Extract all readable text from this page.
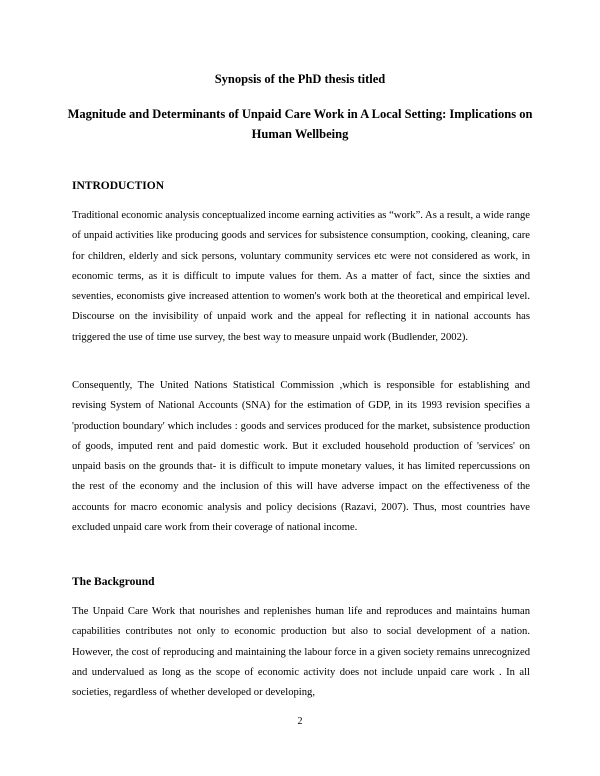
Synopsis of the PhD thesis titled
Magnitude and Determinants of Unpaid Care Work in A Local Setting: Implications on Human Wellbeing
INTRODUCTION

Traditional economic analysis conceptualized income earning activities as “work”. As a result, a wide range of unpaid activities like producing goods and services for subsistence consumption, cooking, cleaning, care for children, elderly and sick persons, voluntary community services etc were not considered as work, in economic terms, as it is difficult to impute values for them. As a matter of fact, since the sixties and seventies, economists give increased attention to women's work both at the theoretical and empirical level. Discourse on the invisibility of unpaid work and the appeal for reflecting it in national accounts has triggered the use of time use survey, the best way to measure unpaid work (Budlender, 2002).

Consequently, The United Nations Statistical Commission ,which is responsible for establishing and revising System of National Accounts (SNA) for the estimation of GDP, in its 1993 revision specifies a 'production boundary' which includes : goods and services produced for the market, subsistence production of goods, imputed rent and paid domestic work. But it excluded household production of 'services' on unpaid basis on the grounds that- it is difficult to impute monetary values, it has limited repercussions on the rest of the economy and the inclusion of this will have adverse impact on the effectiveness of the accounts for macro economic analysis and policy decisions (Razavi, 2007). Thus, most countries have excluded unpaid care work from their coverage of national income.

The Background

The Unpaid Care Work that nourishes and replenishes human life and reproduces and maintains human capabilities contributes not only to economic production but also to social development of a nation. However, the cost of reproducing and maintaining the labour force in a given society remains unrecognized and undervalued as long as the scope of economic activity does not include unpaid care work . In all societies, regardless of whether developed or developing,

2
